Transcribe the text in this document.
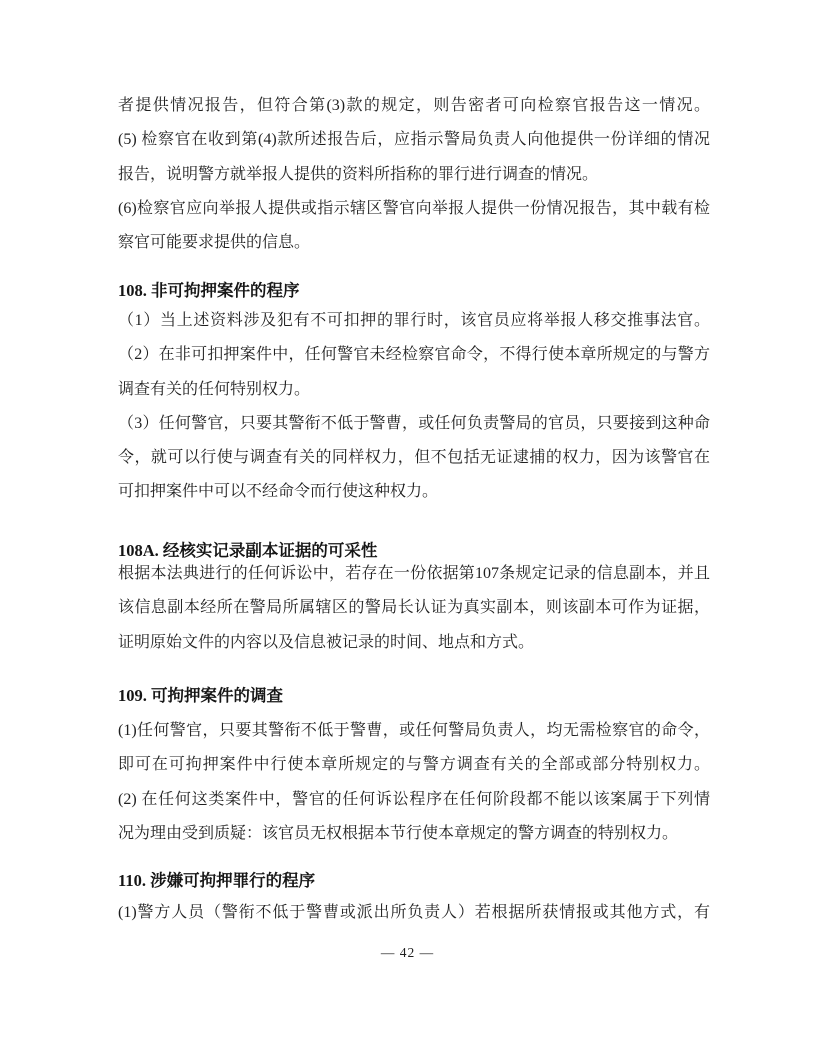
者提供情况报告，但符合第(3)款的规定，则告密者可向检察官报告这一情况。
(5) 检察官在收到第(4)款所述报告后，应指示警局负责人向他提供一份详细的情况
报告，说明警方就举报人提供的资料所指称的罪行进行调查的情况。
(6)检察官应向举报人提供或指示辖区警官向举报人提供一份情况报告，其中载有检
察官可能要求提供的信息。
108. 非可拘押案件的程序
（1）当上述资料涉及犯有不可扣押的罪行时，该官员应将举报人移交推事法官。
（2）在非可扣押案件中，任何警官未经检察官命令，不得行使本章所规定的与警方
调查有关的任何特别权力。
（3）任何警官，只要其警衔不低于警曹，或任何负责警局的官员，只要接到这种命
令，就可以行使与调查有关的同样权力，但不包括无证逮捕的权力，因为该警官在
可扣押案件中可以不经命令而行使这种权力。
108A. 经核实记录副本证据的可采性
根据本法典进行的任何诉讼中，若存在一份依据第107条规定记录的信息副本，并且
该信息副本经所在警局所属辖区的警局长认证为真实副本，则该副本可作为证据，
证明原始文件的内容以及信息被记录的时间、地点和方式。
109. 可拘押案件的调查
(1)任何警官，只要其警衔不低于警曹，或任何警局负责人，均无需检察官的命令，
即可在可拘押案件中行使本章所规定的与警方调查有关的全部或部分特别权力。
(2) 在任何这类案件中，警官的任何诉讼程序在任何阶段都不能以该案属于下列情
况为理由受到质疑：该官员无权根据本节行使本章规定的警方调查的特别权力。
110. 涉嫌可拘押罪行的程序
(1)警方人员（警衔不低于警曹或派出所负责人）若根据所获情报或其他方式，有
— 42 —
